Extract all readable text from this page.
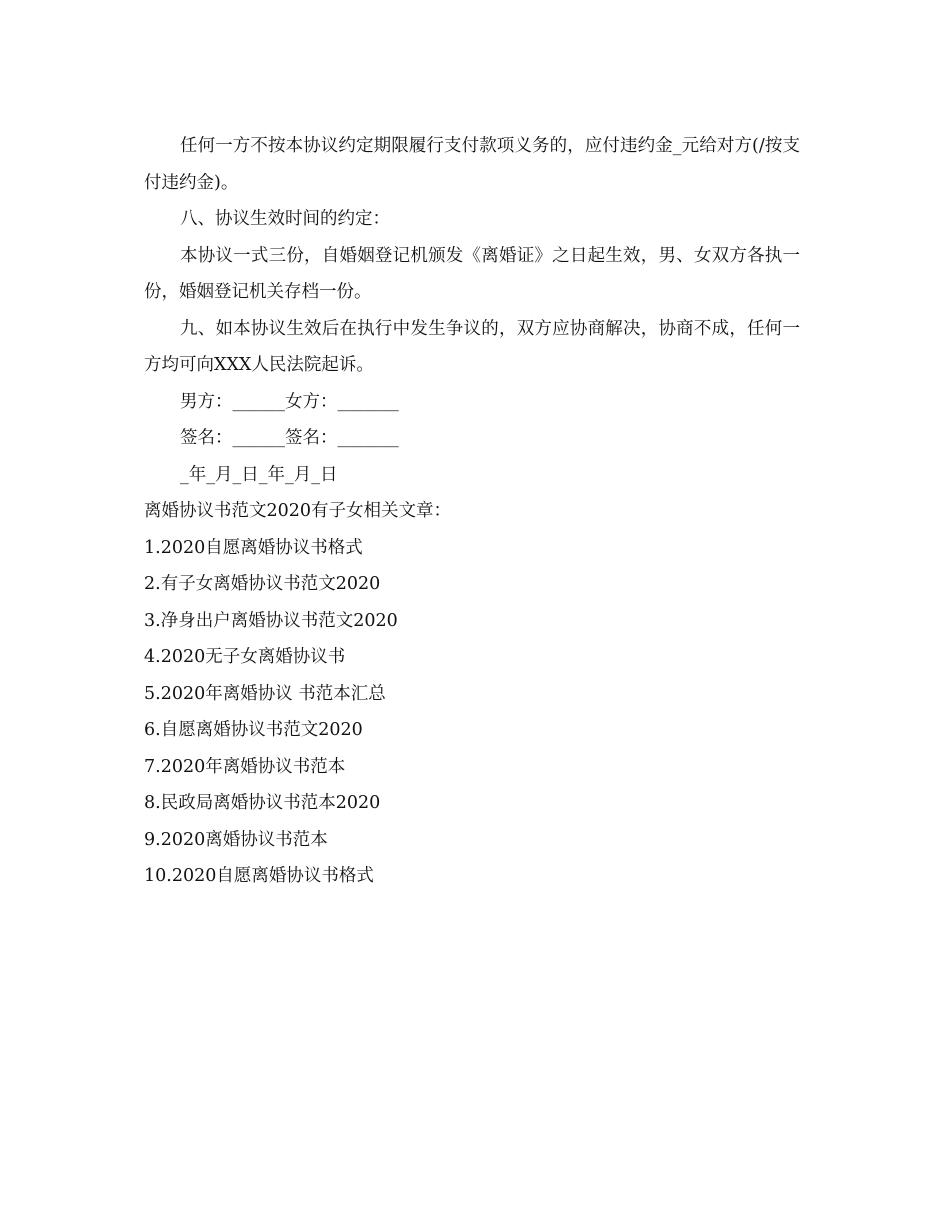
任何一方不按本协议约定期限履行支付款项义务的，应付违约金_元给对方(/按支付违约金)。

八、协议生效时间的约定：

本协议一式三份，自婚姻登记机颁发《离婚证》之日起生效，男、女双方各执一份，婚姻登记机关存档一份。

九、如本协议生效后在执行中发生争议的，双方应协商解决，协商不成，任何一方均可向XXX人民法院起诉。

男方：______女方：_______

签名：______签名：_______

_年_月_日_年_月_日

离婚协议书范文2020有子女相关文章：

1.2020自愿离婚协议书格式
2.有子女离婚协议书范文2020
3.净身出户离婚协议书范文2020
4.2020无子女离婚协议书
5.2020年离婚协议 书范本汇总
6.自愿离婚协议书范文2020
7.2020年离婚协议书范本
8.民政局离婚协议书范本2020
9.2020离婚协议书范本
10.2020自愿离婚协议书格式
